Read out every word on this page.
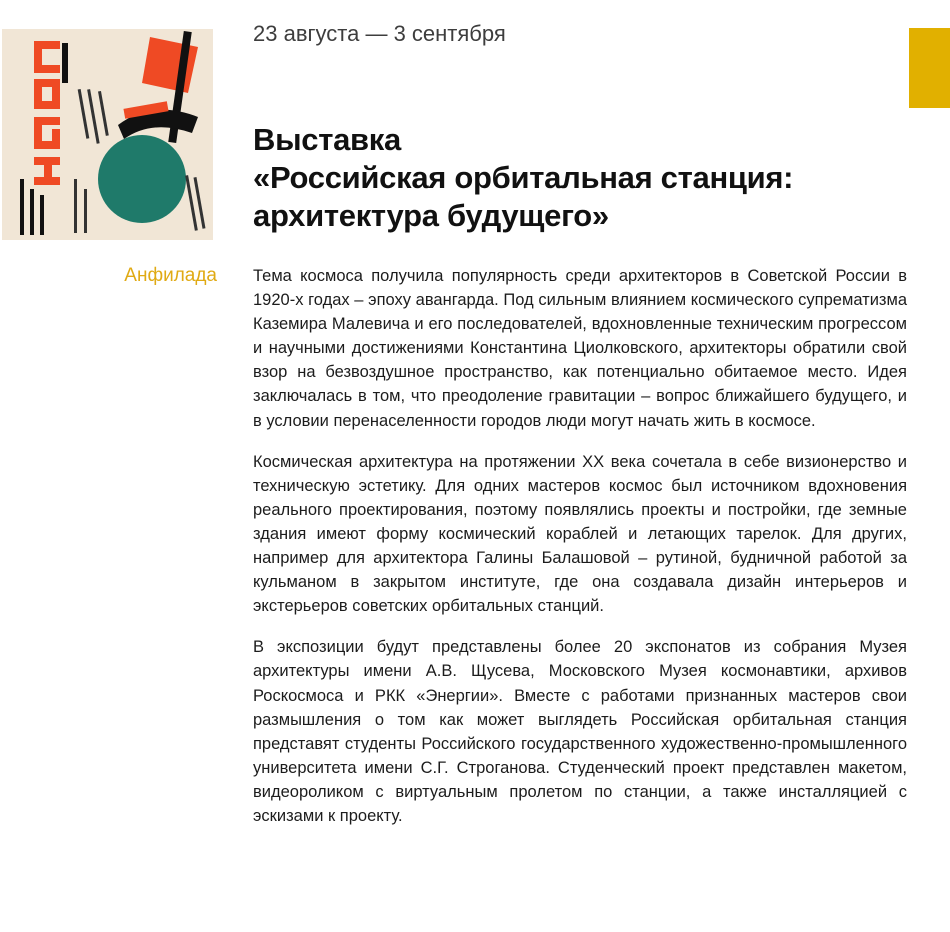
Анфилада
23 августа — 3 сентября
Выставка
«Российская орбитальная станция:
архитектура будущего»

Тема космоса получила популярность среди архитекторов в Советской России в 1920-х годах – эпоху авангарда. Под сильным влиянием космического супрематизма Каземира Малевича и его последователей, вдохновленные техническим прогрессом и научными достижениями Константина Циолковского, архитекторы обратили свой взор на безвоздушное пространство, как потенциально обитаемое место. Идея заключалась в том, что преодоление гравитации – вопрос ближайшего будущего, и в условии перенаселенности городов люди могут начать жить в космосе.

Космическая архитектура на протяжении XX века сочетала в себе визионерство и техническую эстетику. Для одних мастеров космос был источником вдохновения реального проектирования, поэтому появлялись проекты и постройки, где земные здания имеют форму космический кораблей и летающих тарелок. Для других, например для архитектора Галины Балашовой – рутиной, будничной работой за кульманом в закрытом институте, где она создавала дизайн интерьеров и экстерьеров советских орбитальных станций.

В экспозиции будут представлены более 20 экспонатов из собрания Музея архитектуры имени А.В. Щусева, Московского Музея космонавтики, архивов Роскосмоса и РКК «Энергии». Вместе с работами признанных мастеров свои размышления о том как может выглядеть Российская орбитальная станция представят студенты Российского государственного художественно-промышленного университета имени С.Г. Строганова. Студенческий проект представлен макетом, видеороликом с виртуальным пролетом по станции, а также инсталляцией с эскизами к проекту.
